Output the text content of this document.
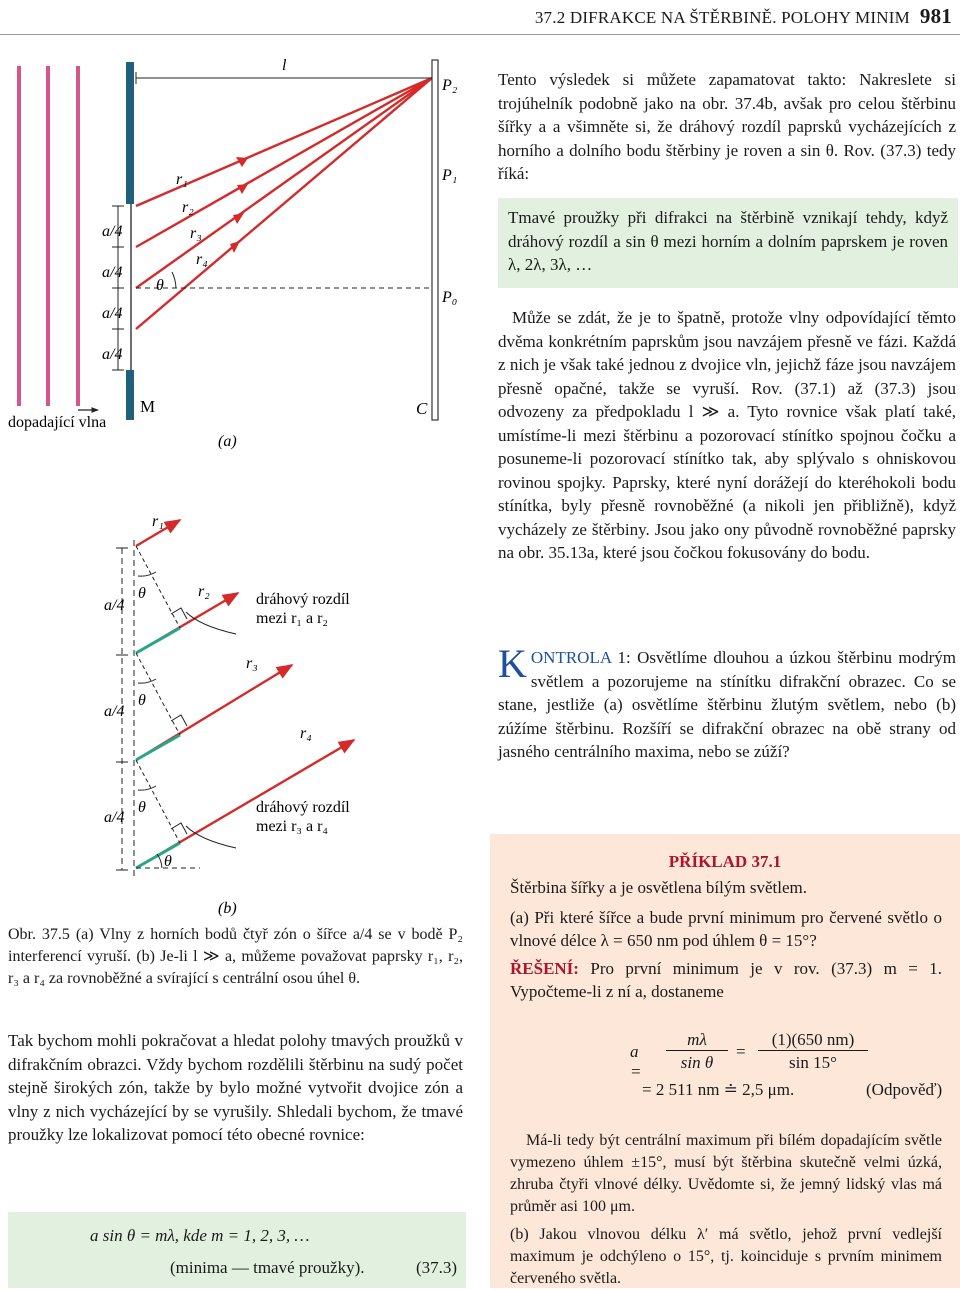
37.2 DIFRAKCE NA ŠTĚRBINĚ. POLOHY MINIM 981
dopadající vlna
M
a/4
a/4
a/4
a/4
r₁
r₂
r₃
r₄
θ
l
P₂
P₁
P₀
C
(a)
a/4
a/4
a/4
r₁
r₂
r₃
r₄
θ
θ
θ
θ
dráhový rozdíl
mezi r₁ a r₂
dráhový rozdíl
mezi r₃ a r₄
(b)
Obr. 37.5 (a) Vlny z horních bodů čtyř zón o šířce a/4 se v bodě P₂ interferencí vyruší. (b) Je-li l ≫ a, můžeme považovat paprsky r₁, r₂, r₃ a r₄ za rovnoběžné a svírající s centrální osou úhel θ.
Tak bychom mohli pokračovat a hledat polohy tmavých proužků v difrakčním obrazci. Vždy bychom rozdělili štěrbinu na sudý počet stejně širokých zón, takže by bylo možné vytvořit dvojice zón a vlny z nich vycházející by se vyrušily. Shledali bychom, že tmavé proužky lze lokalizovat pomocí této obecné rovnice:
a sin θ = mλ, kde m = 1, 2, 3, …
(minima — tmavé proužky).	(37.3)
Tento výsledek si můžete zapamatovat takto: Nakreslete si trojúhelník podobně jako na obr. 37.4b, avšak pro celou štěrbinu šířky a a všimněte si, že dráhový rozdíl paprsků vycházejících z horního a dolního bodu štěrbiny je roven a sin θ. Rov. (37.3) tedy říká:
Tmavé proužky při difrakci na štěrbině vznikají tehdy, když dráhový rozdíl a sin θ mezi horním a dolním paprskem je roven λ, 2λ, 3λ, …
Může se zdát, že je to špatně, protože vlny odpovídající těmto dvěma konkrétním paprskům jsou navzájem přesně ve fázi. Každá z nich je však také jednou z dvojice vln, jejichž fáze jsou navzájem přesně opačné, takže se vyruší. Rov. (37.1) až (37.3) jsou odvozeny za předpokladu l ≫ a. Tyto rovnice však platí také, umístíme-li mezi štěrbinu a pozorovací stínítko spojnou čočku a posuneme-li pozorovací stínítko tak, aby splývalo s ohniskovou rovinou spojky. Paprsky, které nyní dorážejí do kteréhokoli bodu stínítka, byly přesně rovnoběžné (a nikoli jen přibližně), když vycházely ze štěrbiny. Jsou jako ony původně rovnoběžné paprsky na obr. 35.13a, které jsou čočkou fokusovány do bodu.
KONTROLA 1: Osvětlíme dlouhou a úzkou štěrbinu modrým světlem a pozorujeme na stínítku difrakční obrazec. Co se stane, jestliže (a) osvětlíme štěrbinu žlutým světlem, nebo (b) zúžíme štěrbinu. Rozšíří se difrakční obrazec na obě strany od jasného centrálního maxima, nebo se zúží?
PŘÍKLAD 37.1
Štěrbina šířky a je osvětlena bílým světlem.
(a) Při které šířce a bude první minimum pro červené světlo o vlnové délce λ = 650 nm pod úhlem θ = 15°?
ŘEŠENÍ: Pro první minimum je v rov. (37.3) m = 1. Vypočteme-li z ní a, dostaneme
a =
mλ
sin θ
=
(1)(650 nm)
sin 15°
= 2 511 nm ≐ 2,5 μm.	(Odpověď)
Má-li tedy být centrální maximum při bílém dopadajícím světle vymezeno úhlem ±15°, musí být štěrbina skutečně velmi úzká, zhruba čtyři vlnové délky. Uvědomte si, že jemný lidský vlas má průměr asi 100 μm.
(b) Jakou vlnovou délku λ′ má světlo, jehož první vedlejší maximum je odchýleno o 15°, tj. koinciduje s prvním minimem červeného světla.
